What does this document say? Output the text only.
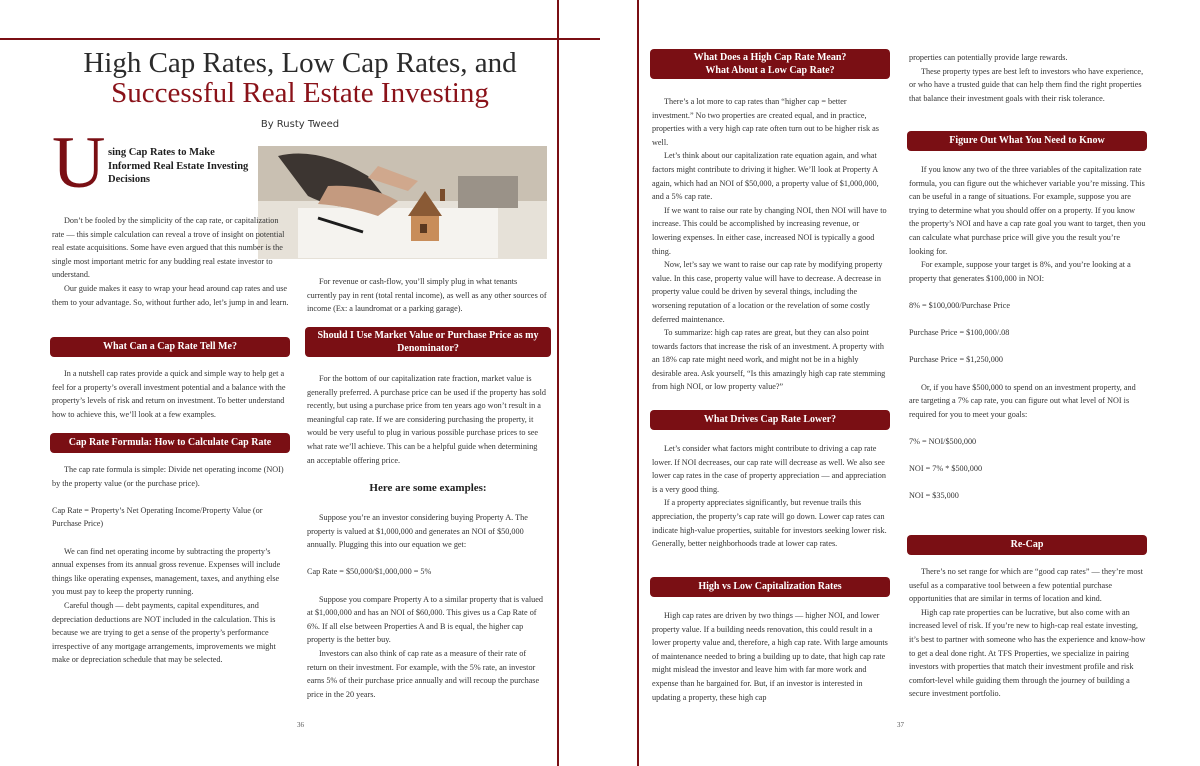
High Cap Rates, Low Cap Rates, and
Successful Real Estate Investing
By Rusty Tweed
U sing Cap Rates to Make Informed Real Estate Investing Decisions

Don’t be fooled by the simplicity of the cap rate, or capitalization rate — this simple calculation can reveal a trove of insight on potential real estate acquisitions. Some have even argued that this number is the single most important metric for any budding real estate investor to understand.

Our guide makes it easy to wrap your head around cap rates and use them to your advantage. So, without further ado, let’s jump in and learn.

What Can a Cap Rate Tell Me?

In a nutshell cap rates provide a quick and simple way to help get a feel for a property’s overall investment potential and a balance with the property’s levels of risk and return on investment. To better understand how to achieve this, we’ll look at a few examples.

Cap Rate Formula: How to Calculate Cap Rate

The cap rate formula is simple: Divide net operating income (NOI) by the property value (or the purchase price).

Cap Rate = Property’s Net Operating Income/Property Value (or Purchase Price)

We can find net operating income by subtracting the property’s annual expenses from its annual gross revenue. Expenses will include things like operating expenses, management, taxes, and anything else you must pay to keep the property running.

Careful though — debt payments, capital expenditures, and depreciation deductions are NOT included in the calculation. This is because we are trying to get a sense of the property’s performance irrespective of any mortgage arrangements, improvements we might make or depreciation schedule that may be selected.

For revenue or cash-flow, you’ll simply plug in what tenants currently pay in rent (total rental income), as well as any other sources of income (Ex: a laundromat or a parking garage).

Should I Use Market Value or Purchase Price as my Denominator?

For the bottom of our capitalization rate fraction, market value is generally preferred. A purchase price can be used if the property has sold recently, but using a purchase price from ten years ago won’t result in a meaningful cap rate. If we are considering purchasing the property, it would be very useful to plug in various possible purchase prices to see what rate we’ll achieve. This can be a helpful guide when determining an acceptable offering price.

Here are some examples:

Suppose you’re an investor considering buying Property A. The property is valued at $1,000,000 and generates an NOI of $50,000 annually. Plugging this into our equation we get:

Cap Rate = $50,000/$1,000,000 = 5%

Suppose you compare Property A to a similar property that is valued at $1,000,000 and has an NOI of $60,000. This gives us a Cap Rate of 6%. If all else between Properties A and B is equal, the higher cap property is the better buy.

Investors can also think of cap rate as a measure of their rate of return on their investment. For example, with the 5% rate, an investor earns 5% of their purchase price annually and will recoup the purchase price in the 20 years.

36
What Does a High Cap Rate Mean?
What About a Low Cap Rate?

There’s a lot more to cap rates than “higher cap = better investment.” No two properties are created equal, and in practice, properties with a very high cap rate often turn out to be higher risk as well.

Let’s think about our capitalization rate equation again, and what factors might contribute to driving it higher. We’ll look at Property A again, which had an NOI of $50,000, a property value of $1,000,000, and a 5% cap rate.

If we want to raise our rate by changing NOI, then NOI will have to increase. This could be accomplished by increasing revenue, or lowering expenses. In either case, increased NOI is typically a good thing.

Now, let’s say we want to raise our cap rate by modifying property value. In this case, property value will have to decrease. A decrease in property value could be driven by several things, including the worsening reputation of a location or the revelation of some costly deferred maintenance.

To summarize: high cap rates are great, but they can also point towards factors that increase the risk of an investment. A property with an 18% cap rate might need work, and might not be in a highly desirable area. Ask yourself, “Is this amazingly high cap rate stemming from high NOI, or low property value?”

What Drives Cap Rate Lower?

Let’s consider what factors might contribute to driving a cap rate lower. If NOI decreases, our cap rate will decrease as well. We also see lower cap rates in the case of property appreciation — and appreciation is a very good thing.

If a property appreciates significantly, but revenue trails this appreciation, the property’s cap rate will go down. Lower cap rates can indicate high-value properties, suitable for investors seeking lower risk. Generally, better neighborhoods trade at lower cap rates.

High vs Low Capitalization Rates

High cap rates are driven by two things — higher NOI, and lower property value. If a building needs renovation, this could result in a lower property value and, therefore, a high cap rate. With large amounts of maintenance needed to bring a building up to date, that high cap rate might mislead the investor and leave him with far more work and expense than he bargained for. But, if an investor is interested in updating a property, these high cap

properties can potentially provide large rewards.

These property types are best left to investors who have experience, or who have a trusted guide that can help them find the right properties that balance their investment goals with their risk tolerance.

Figure Out What You Need to Know

If you know any two of the three variables of the capitalization rate formula, you can figure out the whichever variable you’re missing. This can be useful in a range of situations. For example, suppose you are trying to determine what you should offer on a property. If you know the property’s NOI and have a cap rate goal you want to target, then you can calculate what purchase price will give you the result you’re looking for.

For example, suppose your target is 8%, and you’re looking at a property that generates $100,000 in NOI:

8% = $100,000/Purchase Price

Purchase Price = $100,000/.08

Purchase Price = $1,250,000

Or, if you have $500,000 to spend on an investment property, and are targeting a 7% cap rate, you can figure out what level of NOI is required for you to meet your goals:

7% = NOI/$500,000

NOI = 7% * $500,000

NOI = $35,000

Re-Cap

There’s no set range for which are “good cap rates” — they’re most useful as a comparative tool between a few potential purchase opportunities that are similar in terms of location and kind.

High cap rate properties can be lucrative, but also come with an increased level of risk. If you’re new to high-cap real estate investing, it’s best to partner with someone who has the experience and know-how to get a deal done right. At TFS Properties, we specialize in pairing investors with properties that match their investment profile and risk comfort-level while guiding them through the journey of building a secure investment portfolio.

37
